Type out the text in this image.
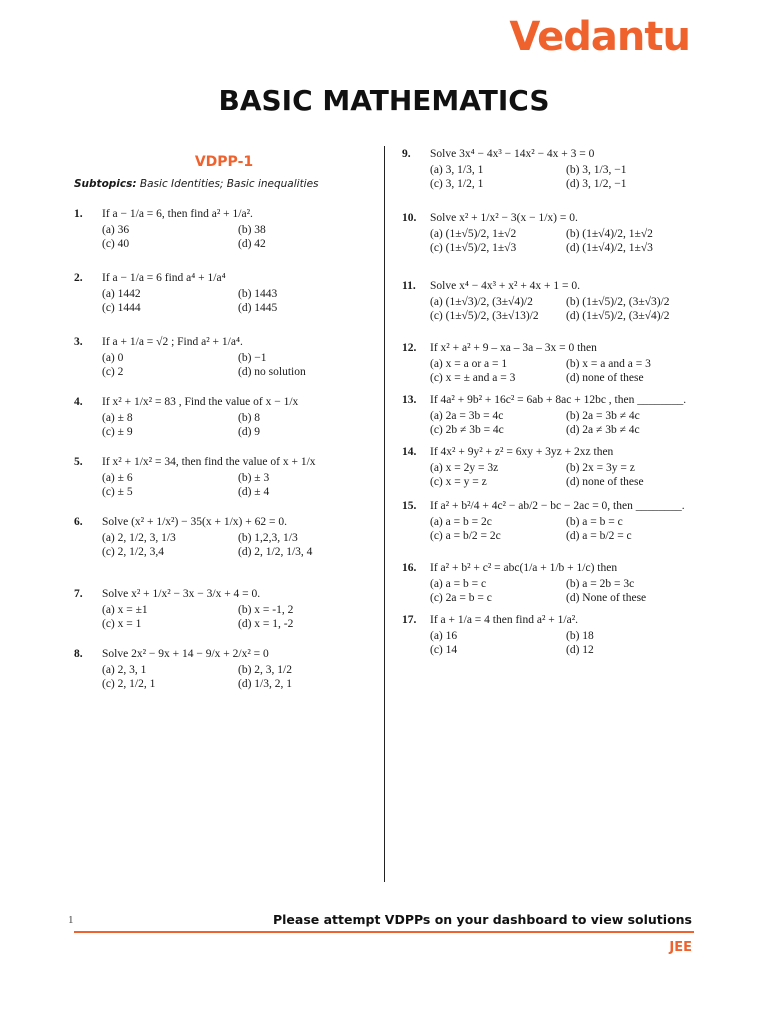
Vedantu
BASIC MATHEMATICS
VDPP-1
Subtopics: Basic Identities; Basic inequalities
1. If a − 1/a = 6, then find a² + 1/a².
(a) 36	(b) 38
(c) 40	(d) 42
2. If a − 1/a = 6 find a⁴ + 1/a⁴
(a) 1442	(b) 1443
(c) 1444	(d) 1445
3. If a + 1/a = √2 ; Find a² + 1/a⁴.
(a) 0	(b) −1
(c) 2	(d) no solution
4. If x² + 1/x² = 83 , Find the value of x − 1/x
(a) ± 8	(b) 8
(c) ± 9	(d) 9
5. If x² + 1/x² = 34, then find the value of x + 1/x
(a) ± 6	(b) ± 3
(c) ± 5	(d) ± 4
6. Solve (x² + 1/x²) − 35(x + 1/x) + 62 = 0.
(a) 2, 1/2, 3, 1/3	(b) 1,2,3, 1/3
(c) 2, 1/2, 3,4	(d) 2, 1/2, 1/3, 4
7. Solve x² + 1/x² − 3x − 3/x + 4 = 0.
(a) x = ±1	(b) x = -1, 2
(c) x = 1	(d) x = 1, -2
8. Solve 2x² − 9x + 14 − 9/x + 2/x² = 0
(a) 2, 3, 1	(b) 2, 3, 1/2
(c) 2, 1/2, 1	(d) 1/3, 2, 1
9. Solve 3x⁴ − 4x³ − 14x² − 4x + 3 = 0
(a) 3, 1/3, 1	(b) 3, 1/3, −1
(c) 3, 1/2, 1	(d) 3, 1/2, −1
10. Solve x² + 1/x² − 3(x − 1/x) = 0.
(a) (1±√5)/2, 1±√2	(b) (1±√4)/2, 1±√2
(c) (1±√5)/2, 1±√3	(d) (1±√4)/2, 1±√3
11. Solve x⁴ − 4x³ + x² + 4x + 1 = 0.
(a) (1±√3)/2, (3±√4)/2	(b) (1±√5)/2, (3±√3)/2
(c) (1±√5)/2, (3±√13)/2	(d) (1±√5)/2, (3±√4)/2
12. If x² + a² + 9 – xa – 3a – 3x = 0 then
(a) x = a or a = 1	(b) x = a and a = 3
(c) x = ± and a = 3	(d) none of these
13. If 4a² + 9b² + 16c² = 6ab + 8ac + 12bc , then ________.
(a) 2a = 3b = 4c	(b) 2a = 3b ≠ 4c
(c) 2b ≠ 3b = 4c	(d) 2a ≠ 3b ≠ 4c
14. If 4x² + 9y² + z² = 6xy + 3yz + 2xz then
(a) x = 2y = 3z	(b) 2x = 3y = z
(c) x = y = z	(d) none of these
15. If a² + b²/4 + 4c² − ab/2 − bc − 2ac = 0, then ________.
(a) a = b = 2c	(b) a = b = c
(c) a = b/2 = 2c	(d) a = b/2 = c
16. If a² + b² + c² = abc(1/a + 1/b + 1/c) then
(a) a = b = c	(b) a = 2b = 3c
(c) 2a = b = c	(d) None of these
17. If a + 1/a = 4 then find a² + 1/a².
(a) 16	(b) 18
(c) 14	(d) 12
1	Please attempt VDPPs on your dashboard to view solutions
JEE
